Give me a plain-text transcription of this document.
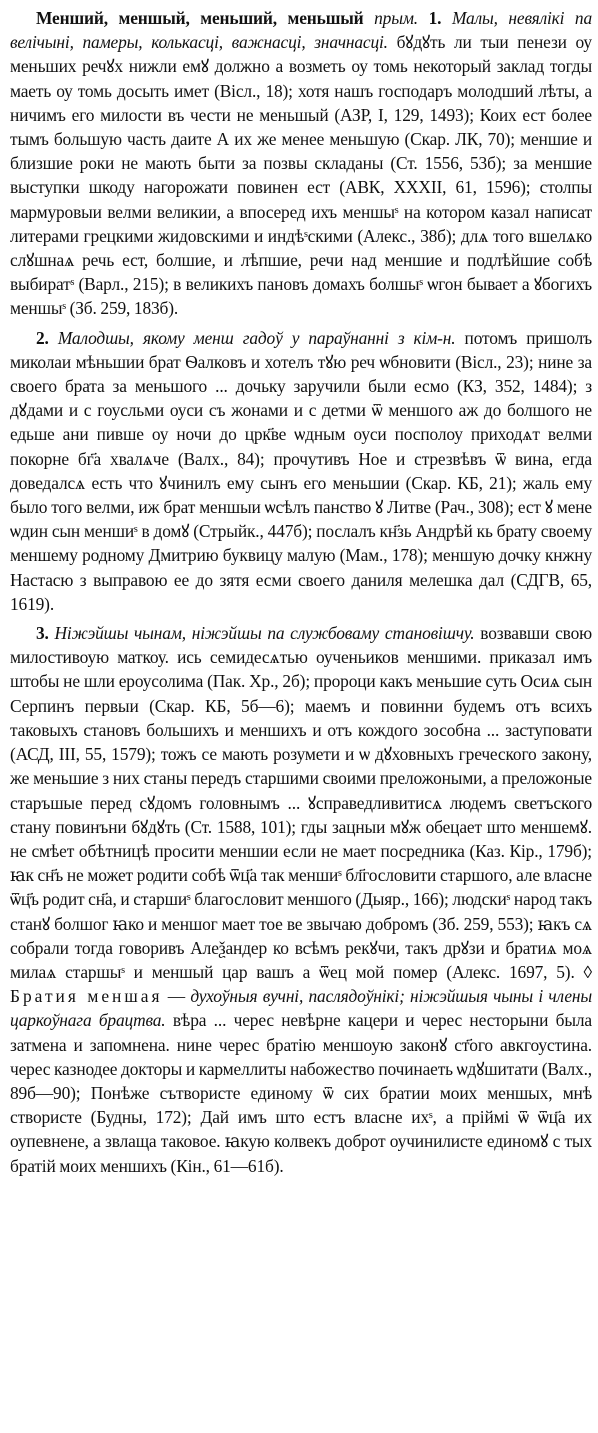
Менший, меншый, меньший, меньшый прым. 1. Малы, невялікі па велічыні, памеры, колькасці, важнасці, значнасці. бꙋдꙋть ли тыи пенези оу меньших речꙋх нижли емꙋ должно а возметь оу томь некоторый заклад тогды маеть оу томь досыть имет (Вісл., 18); хотя нашъ господаръ молодший лѣты, а ничимъ его милости въ чести не меньшый (АЗР, I, 129, 1493); Коих ест более тымъ большую часть даите А их же менее меньшую (Скар. ЛК, 70); меншие и близшие роки не мають быти за позвы складаны (Ст. 1556, 53б); за меншие выступки шкоду нагорожати повинен ест (АВК, XXXII, 61, 1596); столпы мармуровыи велми великии, а впосеред ихъ меншыˢ на котором казал написат литерами грецкими жидовскими и индѣˢскими (Алекс., 38б); длѧ того вшелѧко слꙋшнаѧ речь ест, болшие, и лѣпшие, речи над меншие и подлѣйшие собѣ выбиратˢ (Варл., 215); в великихъ пановъ домахъ болшыˢ ѡгон бывает а ꙋбогихъ меншыˢ (Зб. 259, 183б).

2. Малодшы, якому менш гадоў у параўнанні з кім-н. потомъ пришолъ миколаи мѣньшии брат Ѳалковъ и хотелъ тꙋю реч ѡбновити (Вісл., 23); нине за своего брата за меньшого ... дочьку заручили были есмо (КЗ, 352, 1484); з дꙋдами и с гоусльми оуси съ жонами и с детми ѿ меншого аж до болшого не едьше ани пивше оу ночи до црк҃ве ѡдным оуси посполоу приходѧт велми покорне бг҃а хвалѧче (Валх., 84); прочутивъ Ное и стрезвѣвъ ѿ вина, егда доведалсѧ есть что ꙋчинилъ ему сынъ его меньшии (Скар. КБ, 21); жаль ему было того велми, иж брат меншыи ѡсѣлъ панство ꙋ Литве (Рач., 308); ест ꙋ мене ѡдин сын меншиˢ в домꙋ (Стрыйк., 447б); послалъ кн҃зь Андрѣй кь брату своему меншему родному Дмитрию буквицу малую (Мам., 178); меншую дочку кнжну Настасю з выправою ее до зятя есми своего даниля мелешка дал (СДГВ, 65, 1619).

3. Ніжэйшы чынам, ніжэйшы па службоваму становішчу. возвавши свою милостивоую маткоу. ись семидесѧтью оученьиков меншими. приказал имъ штобы не шли ероусолима (Пак. Хр., 2б); пророци какъ меньшие суть Осиѧ сын Серпинъ первыи (Скар. КБ, 5б—6); маемъ и повинни будемъ отъ всихъ таковыхъ становъ большихъ и меншихъ и отъ кождого зособна ... заступовати (АСД, III, 55, 1579); тожъ се мають розумети и ѡ дꙋховныхъ греческого закону, же меньшие з них станы передъ старшими своими преложоными, а преложоные старъшые перед сꙋдомъ головнымъ ... ꙋсправедливитисѧ людемъ светъского стану повинъни бꙋдꙋть (Ст. 1588, 101); гды зацныи мꙋж обецает што меншемꙋ. не смѣет обѣтницѣ просити меншии если не мает посредника (Каз. Кір., 179б); ꙗк сн҃ъ не может родити собѣ ѿц҃а так меншиˢ бл҃гословити старшого, але власне ѿц҃ъ родит сн҃а, и старшиˢ благословит меншого (Дыяр., 166); людскиˢ народ такъ станꙋ болшог ꙗко и меншог мает тое ве звычаю добромъ (Зб. 259, 553); ꙗкъ сѧ собрали тогда говоривъ Алеѯандер ко всѣмъ рекꙋчи, такъ дрꙋзи и братиѧ моѧ милаѧ старшыˢ и меншый цар вашъ а ѿец мой помер (Алекс. 1697, 5). ◊ Братия меншая — духоўныя вучні, паслядоўнікі; ніжэйшыя чыны і члены царкоўнага брацтва. вѣра ... черес невѣрне кацери и черес несторыни была затмена и запомнена. нине черес братiю меншоую законꙋ ст҃ого авкгоустина. черес казнодее докторы и кармеллиты набожество починаеть ѡдꙋшитати (Валх., 89б—90); Понѣже сътвористе единому ѿ сих братии моих меншых, мнѣ створисте (Будны, 172); Дай имъ што естъ власне ихˢ, а прiймi ѿ ѿц҃а их оупевнене, а звлаща таковое. ꙗкую колвекъ доброт оучинилисте единомꙋ с тых братiй моих меншихъ (Кін., 61—61б).
